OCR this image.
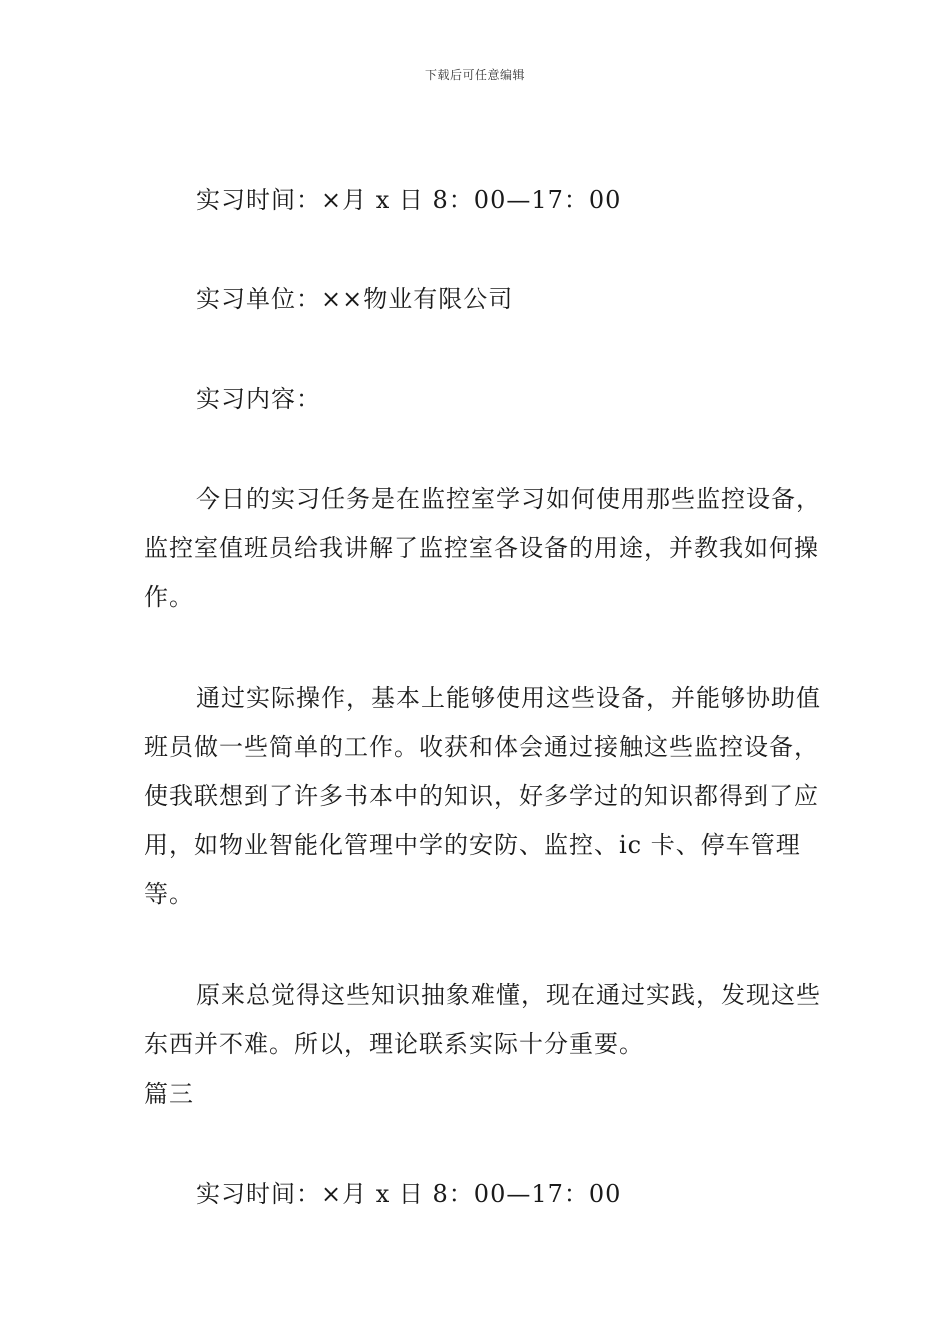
下载后可任意编辑

实习时间：×月 x 日 8：00—17：00

实习单位：××物业有限公司

实习内容：

今日的实习任务是在监控室学习如何使用那些监控设备，监控室值班员给我讲解了监控室各设备的用途，并教我如何操作。

通过实际操作，基本上能够使用这些设备，并能够协助值班员做一些简单的工作。收获和体会通过接触这些监控设备，使我联想到了许多书本中的知识，好多学过的知识都得到了应用，如物业智能化管理中学的安防、监控、ic 卡、停车管理等。

原来总觉得这些知识抽象难懂，现在通过实践，发现这些东西并不难。所以，理论联系实际十分重要。

篇三

实习时间：×月 x 日 8：00—17：00
